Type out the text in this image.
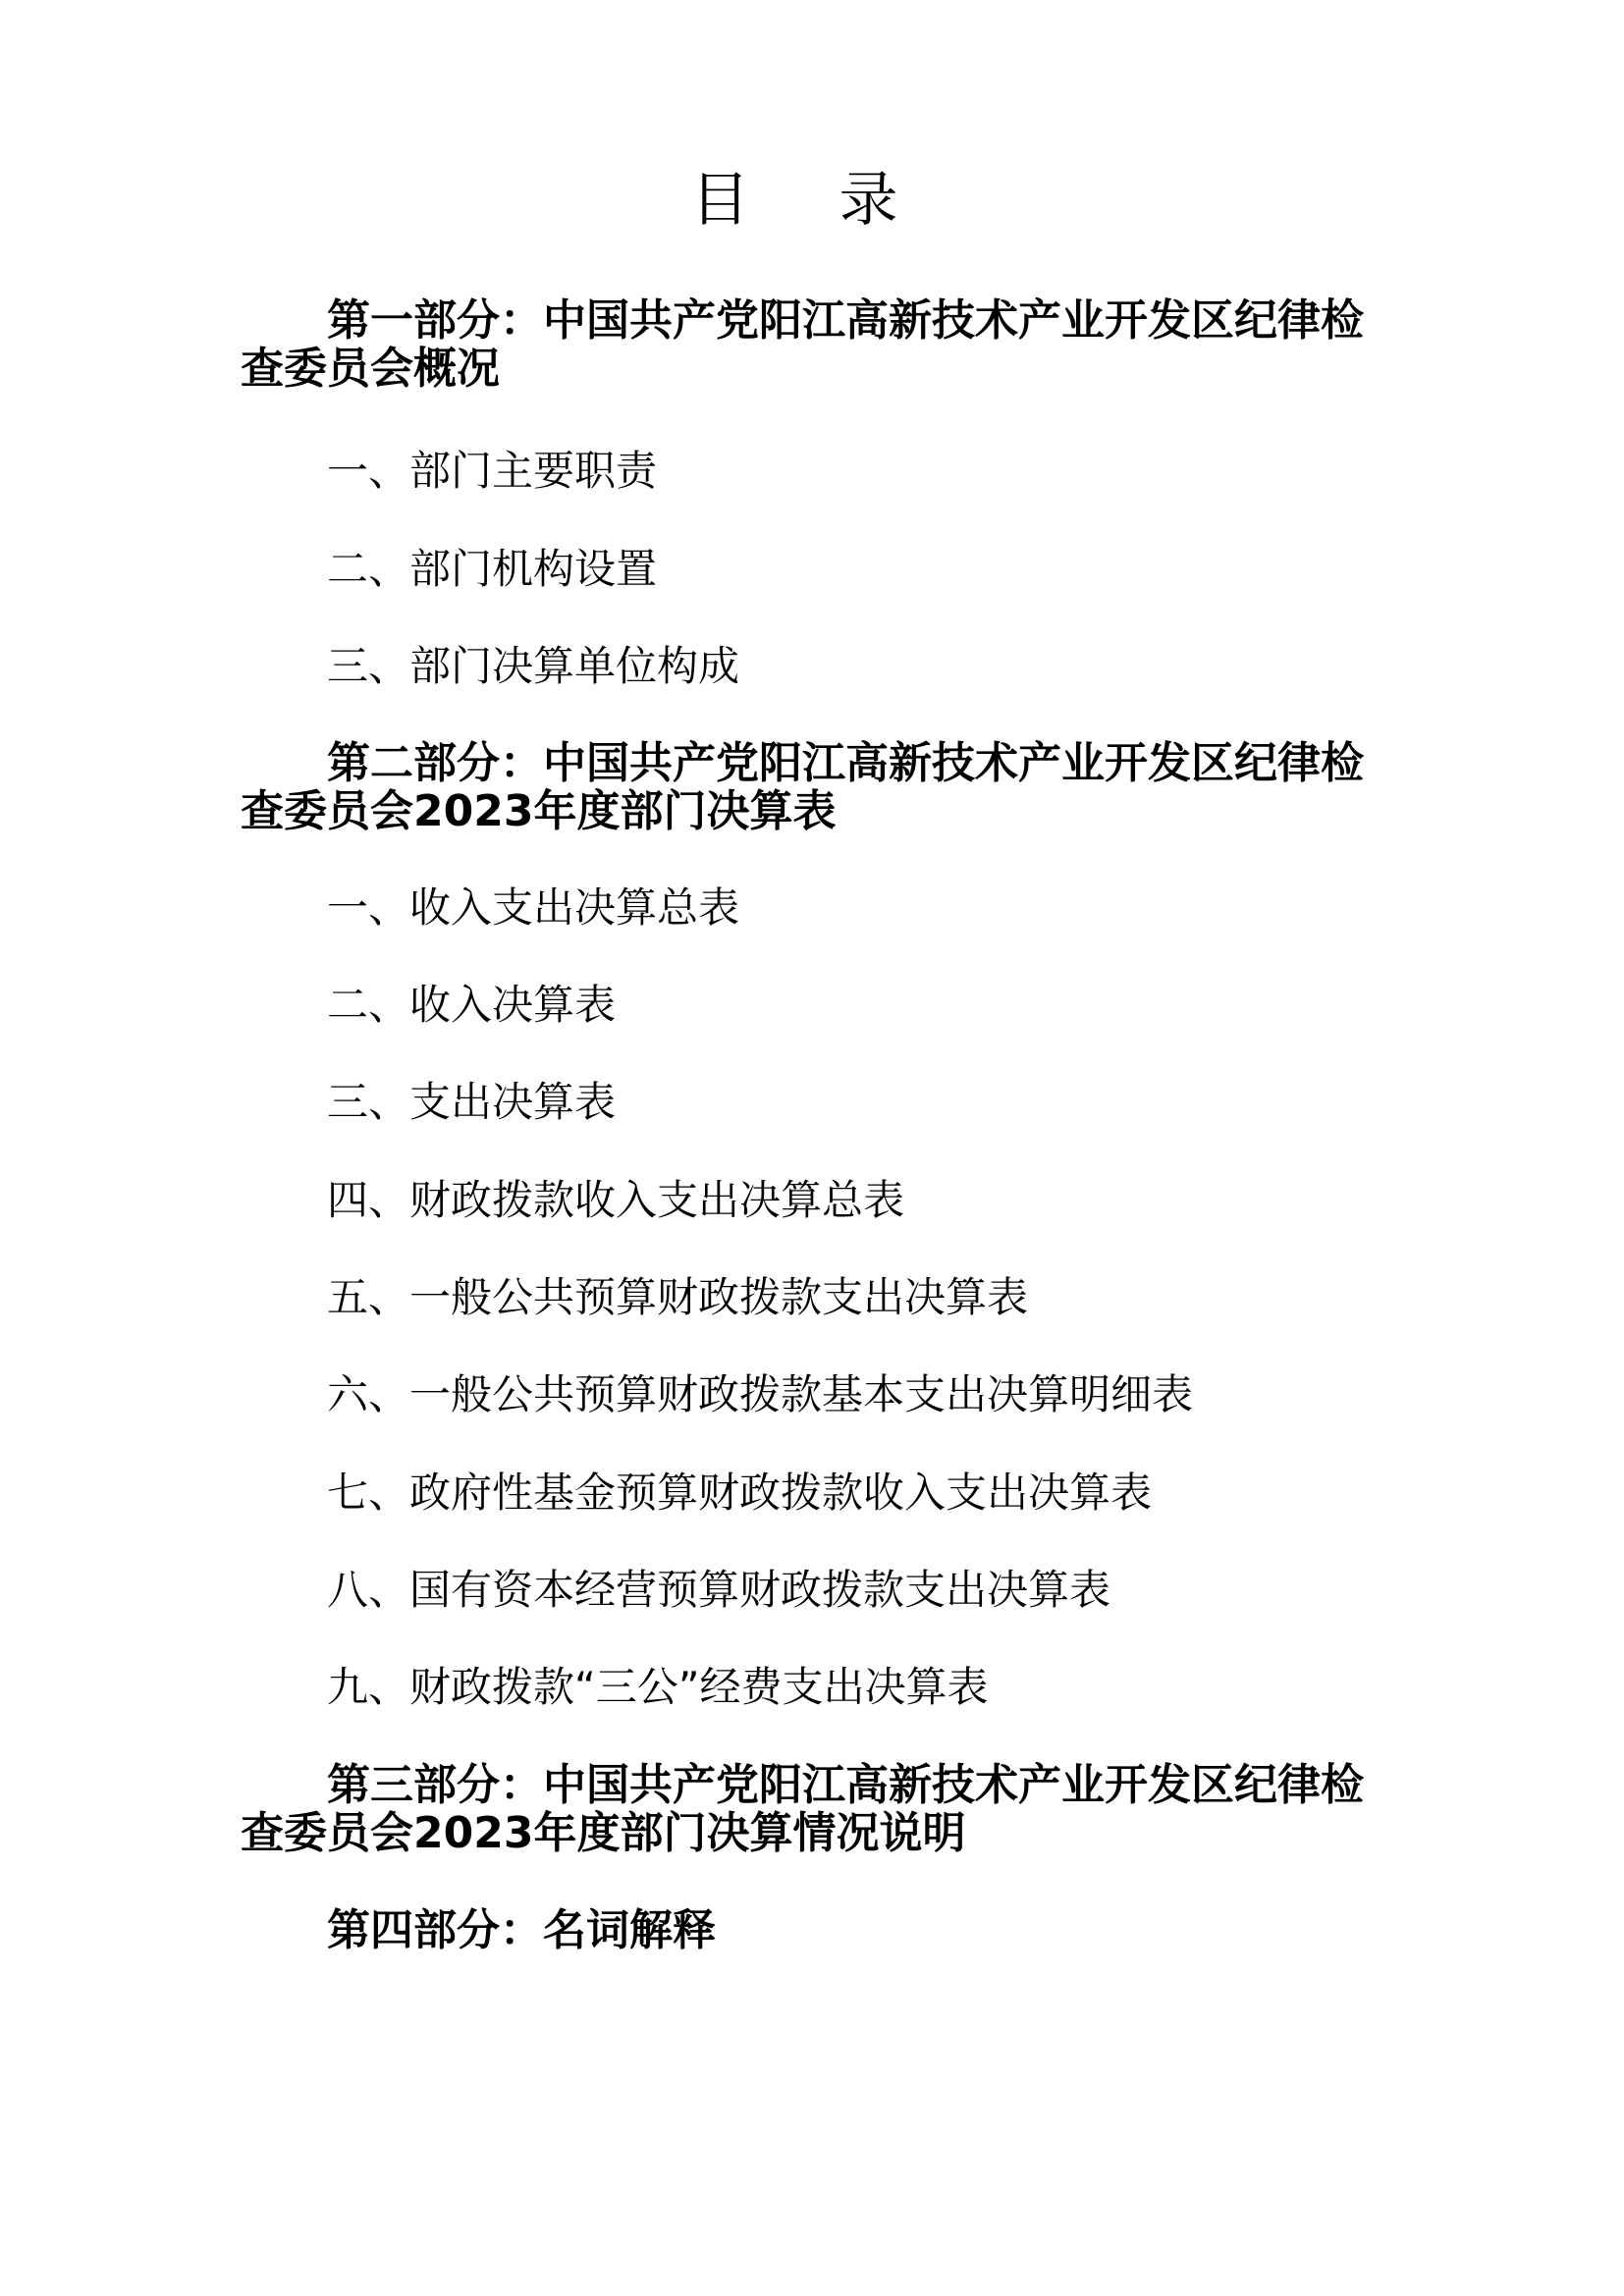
目 录
第一部分：中国共产党阳江高新技术产业开发区纪律检查委员会概况
一、部门主要职责
二、部门机构设置
三、部门决算单位构成
第二部分：中国共产党阳江高新技术产业开发区纪律检查委员会2023年度部门决算表
一、收入支出决算总表
二、收入决算表
三、支出决算表
四、财政拨款收入支出决算总表
五、一般公共预算财政拨款支出决算表
六、一般公共预算财政拨款基本支出决算明细表
七、政府性基金预算财政拨款收入支出决算表
八、国有资本经营预算财政拨款支出决算表
九、财政拨款“三公”经费支出决算表
第三部分：中国共产党阳江高新技术产业开发区纪律检查委员会2023年度部门决算情况说明
第四部分：名词解释
